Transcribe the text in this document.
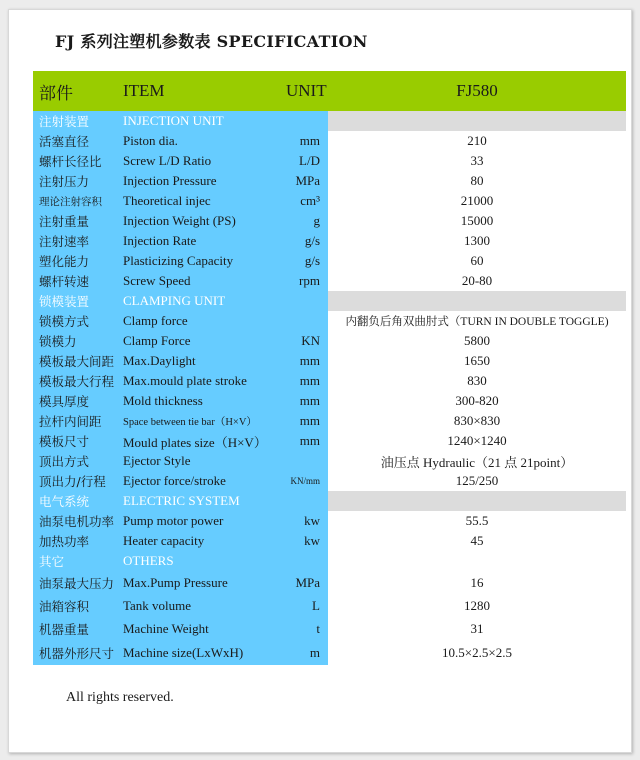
FJ 系列注塑机参数表 SPECIFICATION
部件	ITEM	UNIT	FJ580
注射装置	INJECTION UNIT		
活塞直径	Piston dia.	mm	210
螺杆长径比	Screw L/D Ratio	L/D	33
注射压力	Injection Pressure	MPa	80
理论注射容积	Theoretical injec	cm³	21000
注射重量	Injection Weight (PS)	g	15000
注射速率	Injection Rate	g/s	1300
塑化能力	Plasticizing Capacity	g/s	60
螺杆转速	Screw Speed	rpm	20-80
锁模装置	CLAMPING UNIT		
锁模方式	Clamp force		内翻负后角双曲肘式（TURN IN DOUBLE TOGGLE)
锁模力	Clamp Force	KN	5800
模板最大间距	Max.Daylight	mm	1650
模板最大行程	Max.mould plate stroke	mm	830
模具厚度	Mold thickness	mm	300-820
拉杆内间距	Space between tie bar（H×V）	mm	830×830
模板尺寸	Mould plates size（H×V）	mm	1240×1240
顶出方式	Ejector Style		油压点 Hydraulic（21 点 21point）
顶出力/行程	Ejector force/stroke	KN/mm	125/250
电气系统	ELECTRIC SYSTEM		
油泵电机功率	Pump motor power	kw	55.5
加热功率	Heater capacity	kw	45
其它	OTHERS		
油泵最大压力	Max.Pump Pressure	MPa	16
油箱容积	Tank volume	L	1280
机器重量	Machine Weight	t	31
机器外形尺寸	Machine size(LxWxH)	m	10.5×2.5×2.5
All rights reserved.
